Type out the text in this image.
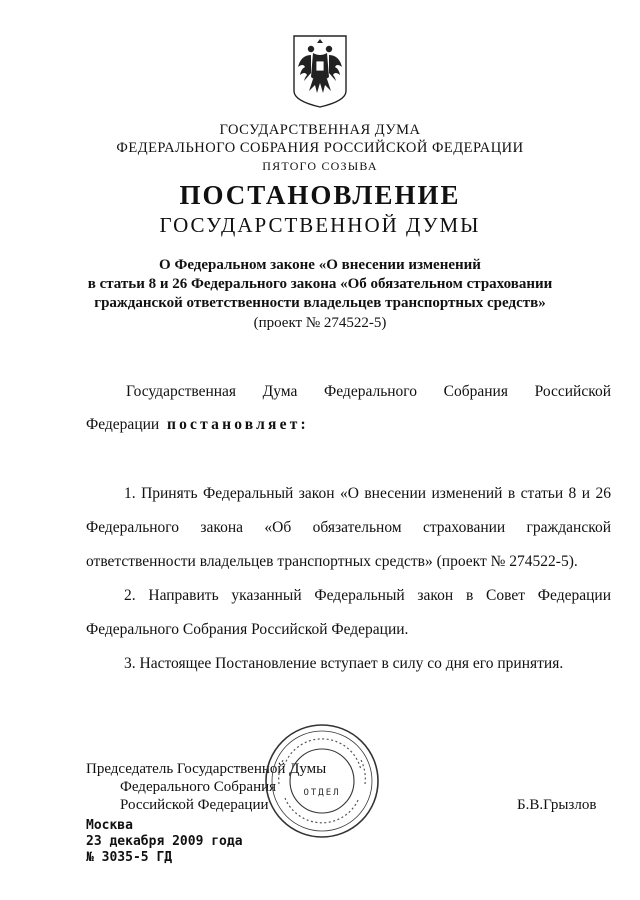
ГОСУДАРСТВЕННАЯ ДУМА
ФЕДЕРАЛЬНОГО СОБРАНИЯ РОССИЙСКОЙ ФЕДЕРАЦИИ
ПЯТОГО СОЗЫВА
ПОСТАНОВЛЕНИЕ
ГОСУДАРСТВЕННОЙ ДУМЫ
О Федеральном законе «О внесении изменений
в статьи 8 и 26 Федерального закона «Об обязательном страховании
гражданской ответственности владельцев транспортных средств»
(проект № 274522-5)
Государственная Дума Федерального Собрания Российской
Федерации постановляет:
1. Принять Федеральный закон «О внесении изменений в статьи 8 и 26
Федерального закона «Об обязательном страховании гражданской
ответственности владельцев транспортных средств» (проект № 274522-5).
2. Направить указанный Федеральный закон в Совет Федерации
Федерального Собрания Российской Федерации.
3. Настоящее Постановление вступает в силу со дня его принятия.
Председатель Государственной Думы
Федерального Собрания
Российской Федерации	Б.В.Грызлов
ОТДЕЛ
Москва
23 декабря 2009 года
№ 3035-5 ГД
